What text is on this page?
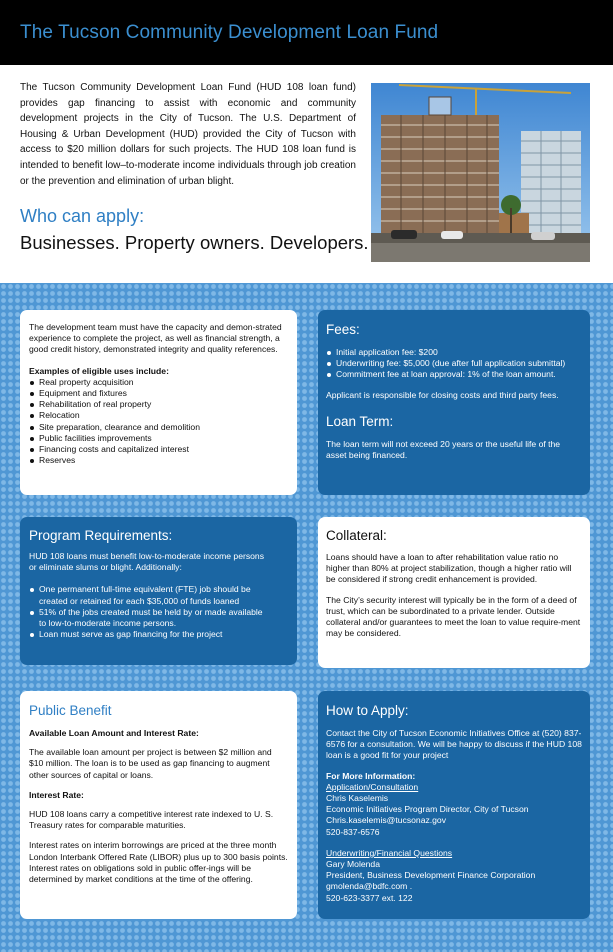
The Tucson Community Development Loan Fund

The Tucson Community Development Loan Fund (HUD 108 loan fund) provides gap financing to assist with economic and community development projects in the City of Tucson. The U.S. Department of Housing & Urban Development (HUD) provided the City of Tucson with access to $20 million dollars for such projects. The HUD 108 loan fund is intended to benefit low–to-moderate income individuals through job creation or the prevention and elimination of urban blight.

Who can apply:
Businesses. Property owners. Developers.

The development team must have the capacity and demon-strated experience to complete the project, as well as financial strength, a good credit history, demonstrated integrity and quality references.

Examples of eligible uses include:

Real property acquisition
Equipment and fixtures
Rehabilitation of real property
Relocation
Site preparation, clearance and demolition
Public facilities improvements
Financing costs and capitalized interest
Reserves
Fees:
Initial application fee: $200
Underwriting fee: $5,000 (due after full application submittal)
Commitment fee at loan approval: 1% of the loan amount.

Applicant is responsible for closing costs and third party fees.

Loan Term:

The loan term will not exceed 20 years or the useful life of the asset being financed.

Program Requirements:

HUD 108 loans must benefit low-to-moderate income persons or eliminate slums or blight. Additionally:

One permanent full-time equivalent (FTE) job should be created or retained for each $35,000 of funds loaned
51% of the jobs created must be held by or made available to low-to-moderate income persons.
Loan must serve as gap financing for the project
Collateral:

Loans should have a loan to after rehabilitation value ratio no higher than 80% at project stabilization, though a higher ratio will be considered if strong credit enhancement is provided.

The City’s security interest will typically be in the form of a deed of trust, which can be subordinated to a private lender. Outside collateral and/or guarantees to meet the loan to value require-ment may be considered.

Public Benefit

Available Loan Amount and Interest Rate:

The available loan amount per project is between $2 million and $10 million. The loan is to be used as gap financing to augment other sources of capital or loans.

Interest Rate:

HUD 108 loans carry a competitive interest rate indexed to U. S. Treasury rates for comparable maturities.

Interest rates on interim borrowings are priced at the three month London Interbank Offered Rate (LIBOR) plus up to 300 basis points. Interest rates on obligations sold in public offer-ings will be determined by market conditions at the time of the offering.

How to Apply:

Contact the City of Tucson Economic Initiatives Office at (520) 837- 6576 for a consultation. We will be happy to discuss if the HUD 108 loan is a good fit for your project

For More Information:

Application/Consultation

Chris Kaselemis

Economic Initiatives Program Director, City of Tucson

Chris.kaselemis@tucsonaz.gov

520-837-6576

Underwriting/Financial Questions

Gary Molenda

President, Business Development Finance Corporation

gmolenda@bdfc.com .

520-623-3377 ext. 122
